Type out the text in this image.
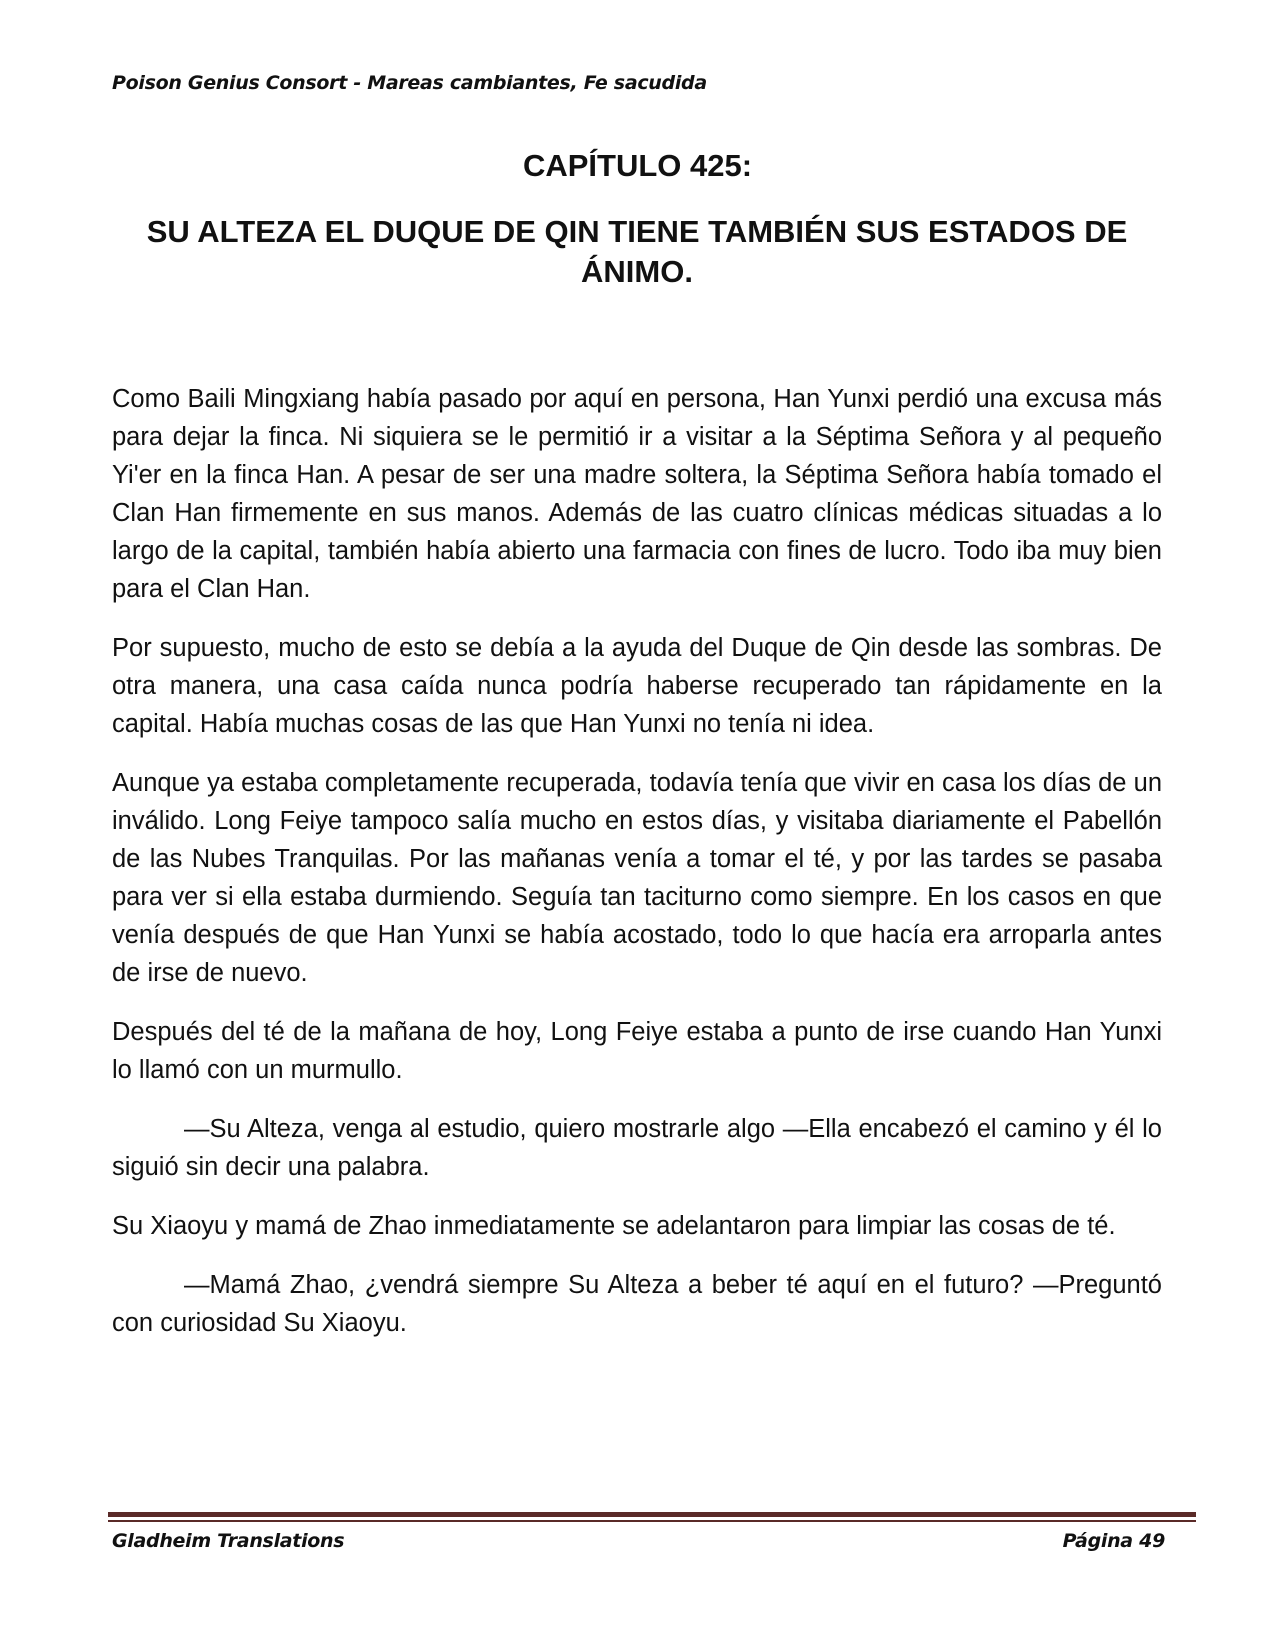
Poison Genius Consort - Mareas cambiantes, Fe sacudida
CAPÍTULO 425:
SU ALTEZA EL DUQUE DE QIN TIENE TAMBIÉN SUS ESTADOS DE ÁNIMO.

Como Baili Mingxiang había pasado por aquí en persona, Han Yunxi perdió una excusa más para dejar la finca. Ni siquiera se le permitió ir a visitar a la Séptima Señora y al pequeño Yi'er en la finca Han. A pesar de ser una madre soltera, la Séptima Señora había tomado el Clan Han firmemente en sus manos. Además de las cuatro clínicas médicas situadas a lo largo de la capital, también había abierto una farmacia con fines de lucro. Todo iba muy bien para el Clan Han.

Por supuesto, mucho de esto se debía a la ayuda del Duque de Qin desde las sombras. De otra manera, una casa caída nunca podría haberse recuperado tan rápidamente en la capital. Había muchas cosas de las que Han Yunxi no tenía ni idea.

Aunque ya estaba completamente recuperada, todavía tenía que vivir en casa los días de un inválido. Long Feiye tampoco salía mucho en estos días, y visitaba diariamente el Pabellón de las Nubes Tranquilas. Por las mañanas venía a tomar el té, y por las tardes se pasaba para ver si ella estaba durmiendo. Seguía tan taciturno como siempre. En los casos en que venía después de que Han Yunxi se había acostado, todo lo que hacía era arroparla antes de irse de nuevo.

Después del té de la mañana de hoy, Long Feiye estaba a punto de irse cuando Han Yunxi lo llamó con un murmullo.

—Su Alteza, venga al estudio, quiero mostrarle algo —Ella encabezó el camino y él lo siguió sin decir una palabra.

Su Xiaoyu y mamá de Zhao inmediatamente se adelantaron para limpiar las cosas de té.

—Mamá Zhao, ¿vendrá siempre Su Alteza a beber té aquí en el futuro? —Preguntó con curiosidad Su Xiaoyu.

Gladheim Translations	Página 49
